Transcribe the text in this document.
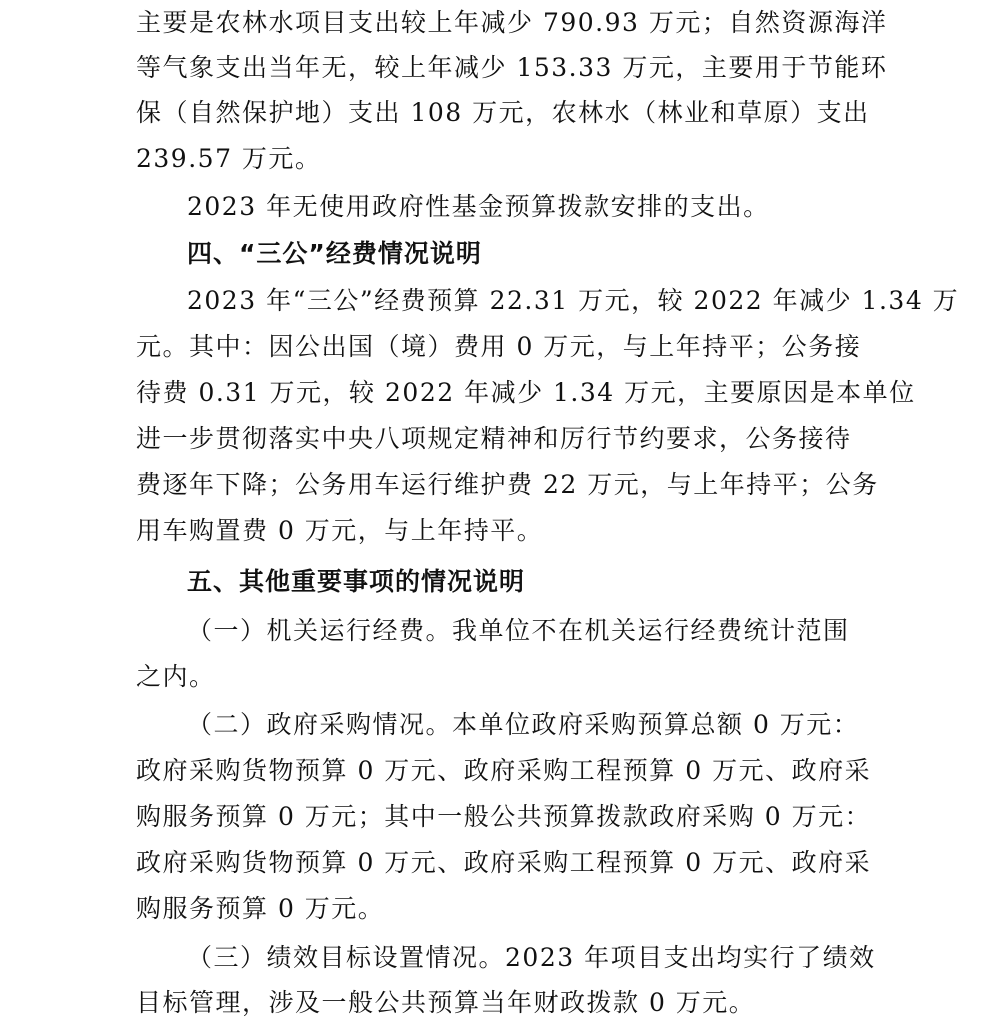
主要是农林水项目支出较上年减少 790.93 万元；自然资源海洋

等气象支出当年无，较上年减少 153.33 万元，主要用于节能环

保（自然保护地）支出 108 万元，农林水（林业和草原）支出

239.57 万元。

2023 年无使用政府性基金预算拨款安排的支出。

四、“三公”经费情况说明

2023 年“三公”经费预算 22.31 万元，较 2022 年减少 1.34 万

元。其中：因公出国（境）费用 0 万元，与上年持平；公务接

待费 0.31 万元，较 2022 年减少 1.34 万元，主要原因是本单位

进一步贯彻落实中央八项规定精神和厉行节约要求，公务接待

费逐年下降；公务用车运行维护费 22 万元，与上年持平；公务

用车购置费 0 万元，与上年持平。

五、其他重要事项的情况说明

（一）机关运行经费。我单位不在机关运行经费统计范围

之内。

（二）政府采购情况。本单位政府采购预算总额 0 万元：

政府采购货物预算 0 万元、政府采购工程预算 0 万元、政府采

购服务预算 0 万元；其中一般公共预算拨款政府采购 0 万元：

政府采购货物预算 0 万元、政府采购工程预算 0 万元、政府采

购服务预算 0 万元。

（三）绩效目标设置情况。2023 年项目支出均实行了绩效

目标管理，涉及一般公共预算当年财政拨款 0 万元。
